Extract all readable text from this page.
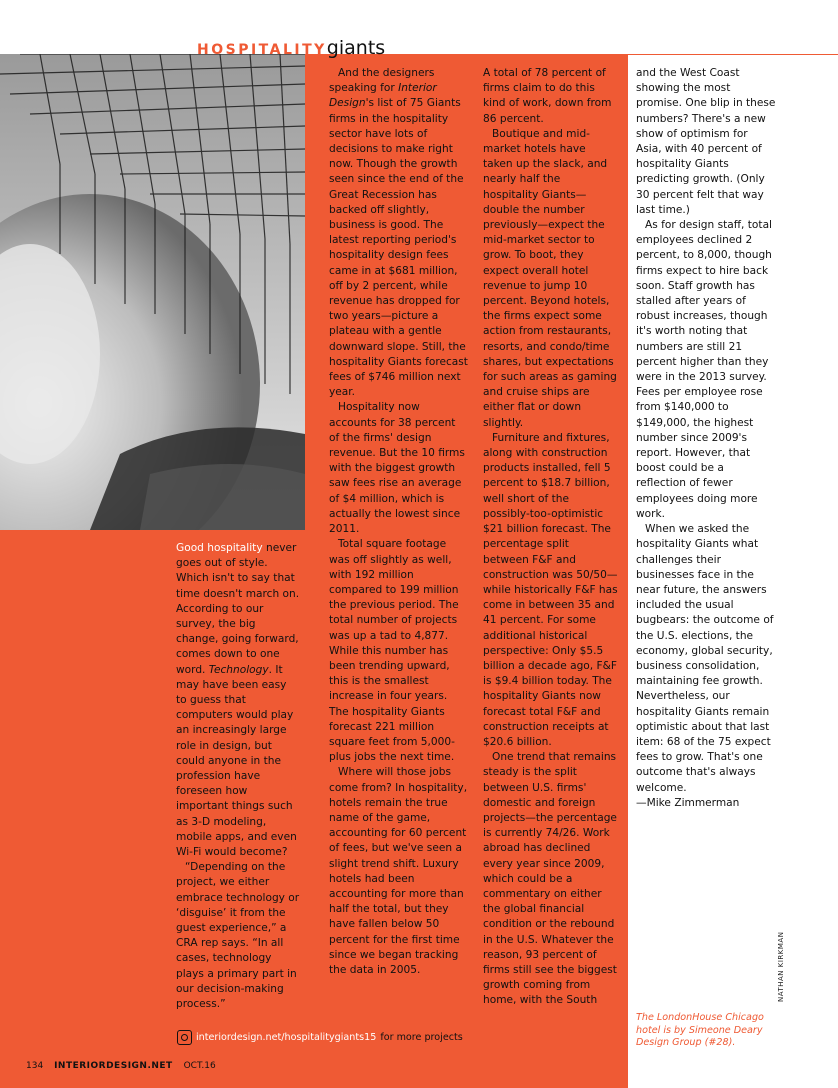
HOSPITALITYgiants

Good hospitality never goes out of style. Which isn't to say that time doesn't march on. According to our survey, the big change, going forward, comes down to one word. Technology. It may have been easy to guess that computers would play an increasingly large role in design, but could anyone in the profession have foreseen how important things such as 3-D modeling, mobile apps, and even Wi-Fi would become?

“Depending on the project, we either embrace technology or ‘disguise’ it from the guest experience,” a CRA rep says. “In all cases, technology plays a primary part in our decision-making process.”

And the designers speaking for Interior Design's list of 75 Giants firms in the hospitality sector have lots of decisions to make right now. Though the growth seen since the end of the Great Recession has backed off slightly, business is good. The latest reporting period's hospitality design fees came in at $681 million, off by 2 percent, while revenue has dropped for two years—picture a plateau with a gentle downward slope. Still, the hospitality Giants forecast fees of $746 million next year.

Hospitality now accounts for 38 percent of the firms' design revenue. But the 10 firms with the biggest growth saw fees rise an average of $4 million, which is actually the lowest since 2011.

Total square footage was off slightly as well, with 192 million compared to 199 million the previous period. The total number of projects was up a tad to 4,877. While this number has been trending upward, this is the smallest increase in four years. The hospitality Giants forecast 221 million square feet from 5,000-plus jobs the next time.

Where will those jobs come from? In hospitality, hotels remain the true name of the game, accounting for 60 percent of fees, but we've seen a slight trend shift. Luxury hotels had been accounting for more than half the total, but they have fallen below 50 percent for the first time since we began tracking the data in 2005.

A total of 78 percent of firms claim to do this kind of work, down from 86 percent.

Boutique and mid-market hotels have taken up the slack, and nearly half the hospitality Giants—double the number previously—expect the mid-market sector to grow. To boot, they expect overall hotel revenue to jump 10 percent. Beyond hotels, the firms expect some action from restaurants, resorts, and condo/time shares, but expectations for such areas as gaming and cruise ships are either flat or down slightly.

Furniture and fixtures, along with construction products installed, fell 5 percent to $18.7 billion, well short of the possibly-too-optimistic $21 billion forecast. The percentage split between F&F and construction was 50/50—while historically F&F has come in between 35 and 41 percent. For some additional historical perspective: Only $5.5 billion a decade ago, F&F is $9.4 billion today. The hospitality Giants now forecast total F&F and construction receipts at $20.6 billion.

One trend that remains steady is the split between U.S. firms' domestic and foreign projects—the percentage is currently 74/26. Work abroad has declined every year since 2009, which could be a commentary on either the global financial condition or the rebound in the U.S. Whatever the reason, 93 percent of firms still see the biggest growth coming from home, with the South

and the West Coast showing the most promise. One blip in these numbers? There's a new show of optimism for Asia, with 40 percent of hospitality Giants predicting growth. (Only 30 percent felt that way last time.)

As for design staff, total employees declined 2 percent, to 8,000, though firms expect to hire back soon. Staff growth has stalled after years of robust increases, though it's worth noting that numbers are still 21 percent higher than they were in the 2013 survey. Fees per employee rose from $140,000 to $149,000, the highest number since 2009's report. However, that boost could be a reflection of fewer employees doing more work.

When we asked the hospitality Giants what challenges their businesses face in the near future, the answers included the usual bugbears: the outcome of the U.S. elections, the economy, global security, business consolidation, maintaining fee growth. Nevertheless, our hospitality Giants remain optimistic about that last item: 68 of the 75 expect fees to grow. That's one outcome that's always welcome.

—Mike Zimmerman

The LondonHouse Chicago hotel is by Simeone Deary Design Group (#28).
NATHAN KIRKMAN
interiordesign.net/hospitalitygiants15 for more projects
134 INTERIORDESIGN.NET OCT.16
